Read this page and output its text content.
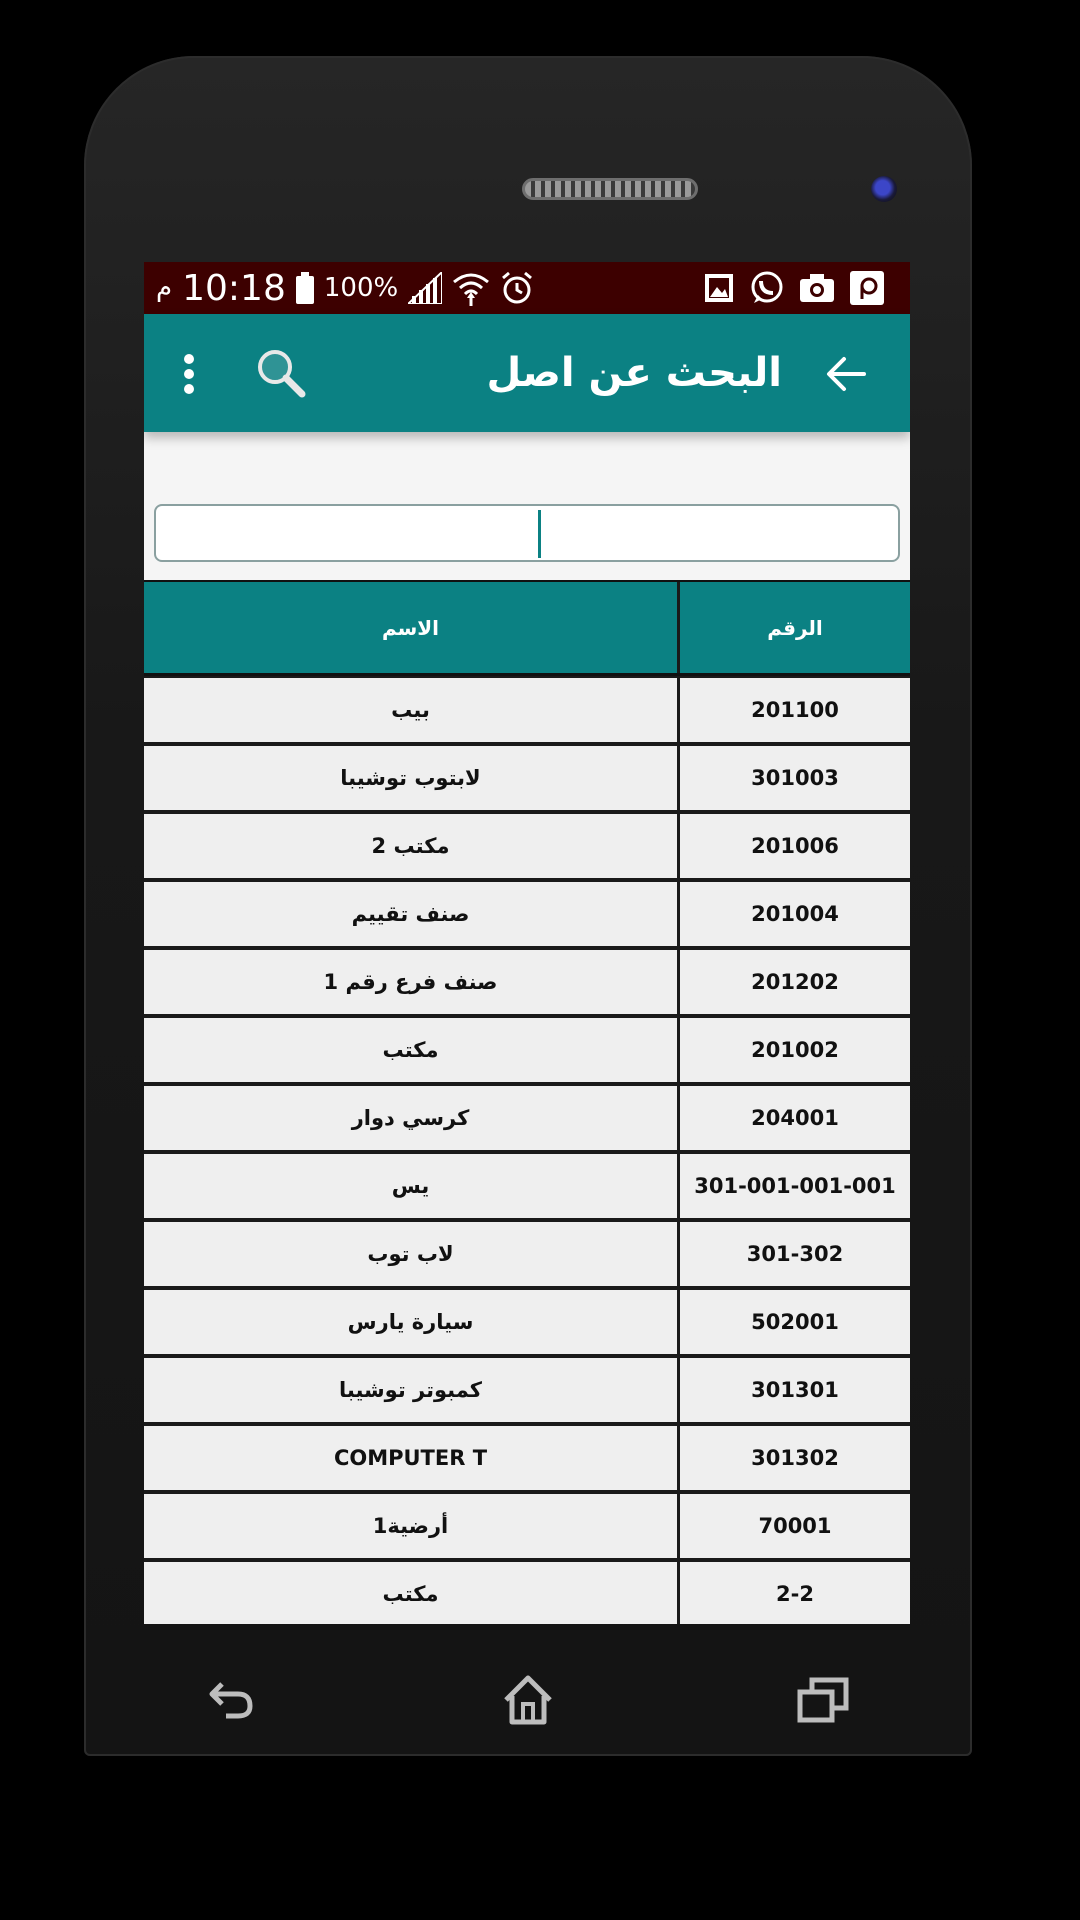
م 10:18 100%
البحث عن اصل
الاسم	الرقم
بيب	201100
لابتوب توشيبا	301003
مكتب 2	201006
صنف تقييم	201004
صنف فرع رقم 1	201202
مكتب	201002
كرسي دوار	204001
يس	301-001-001-001
لاب توب	301-302
سيارة يارس	502001
كمبوتر توشيبا	301301
COMPUTER T	301302
أرضية1	70001
مكتب	2-2
